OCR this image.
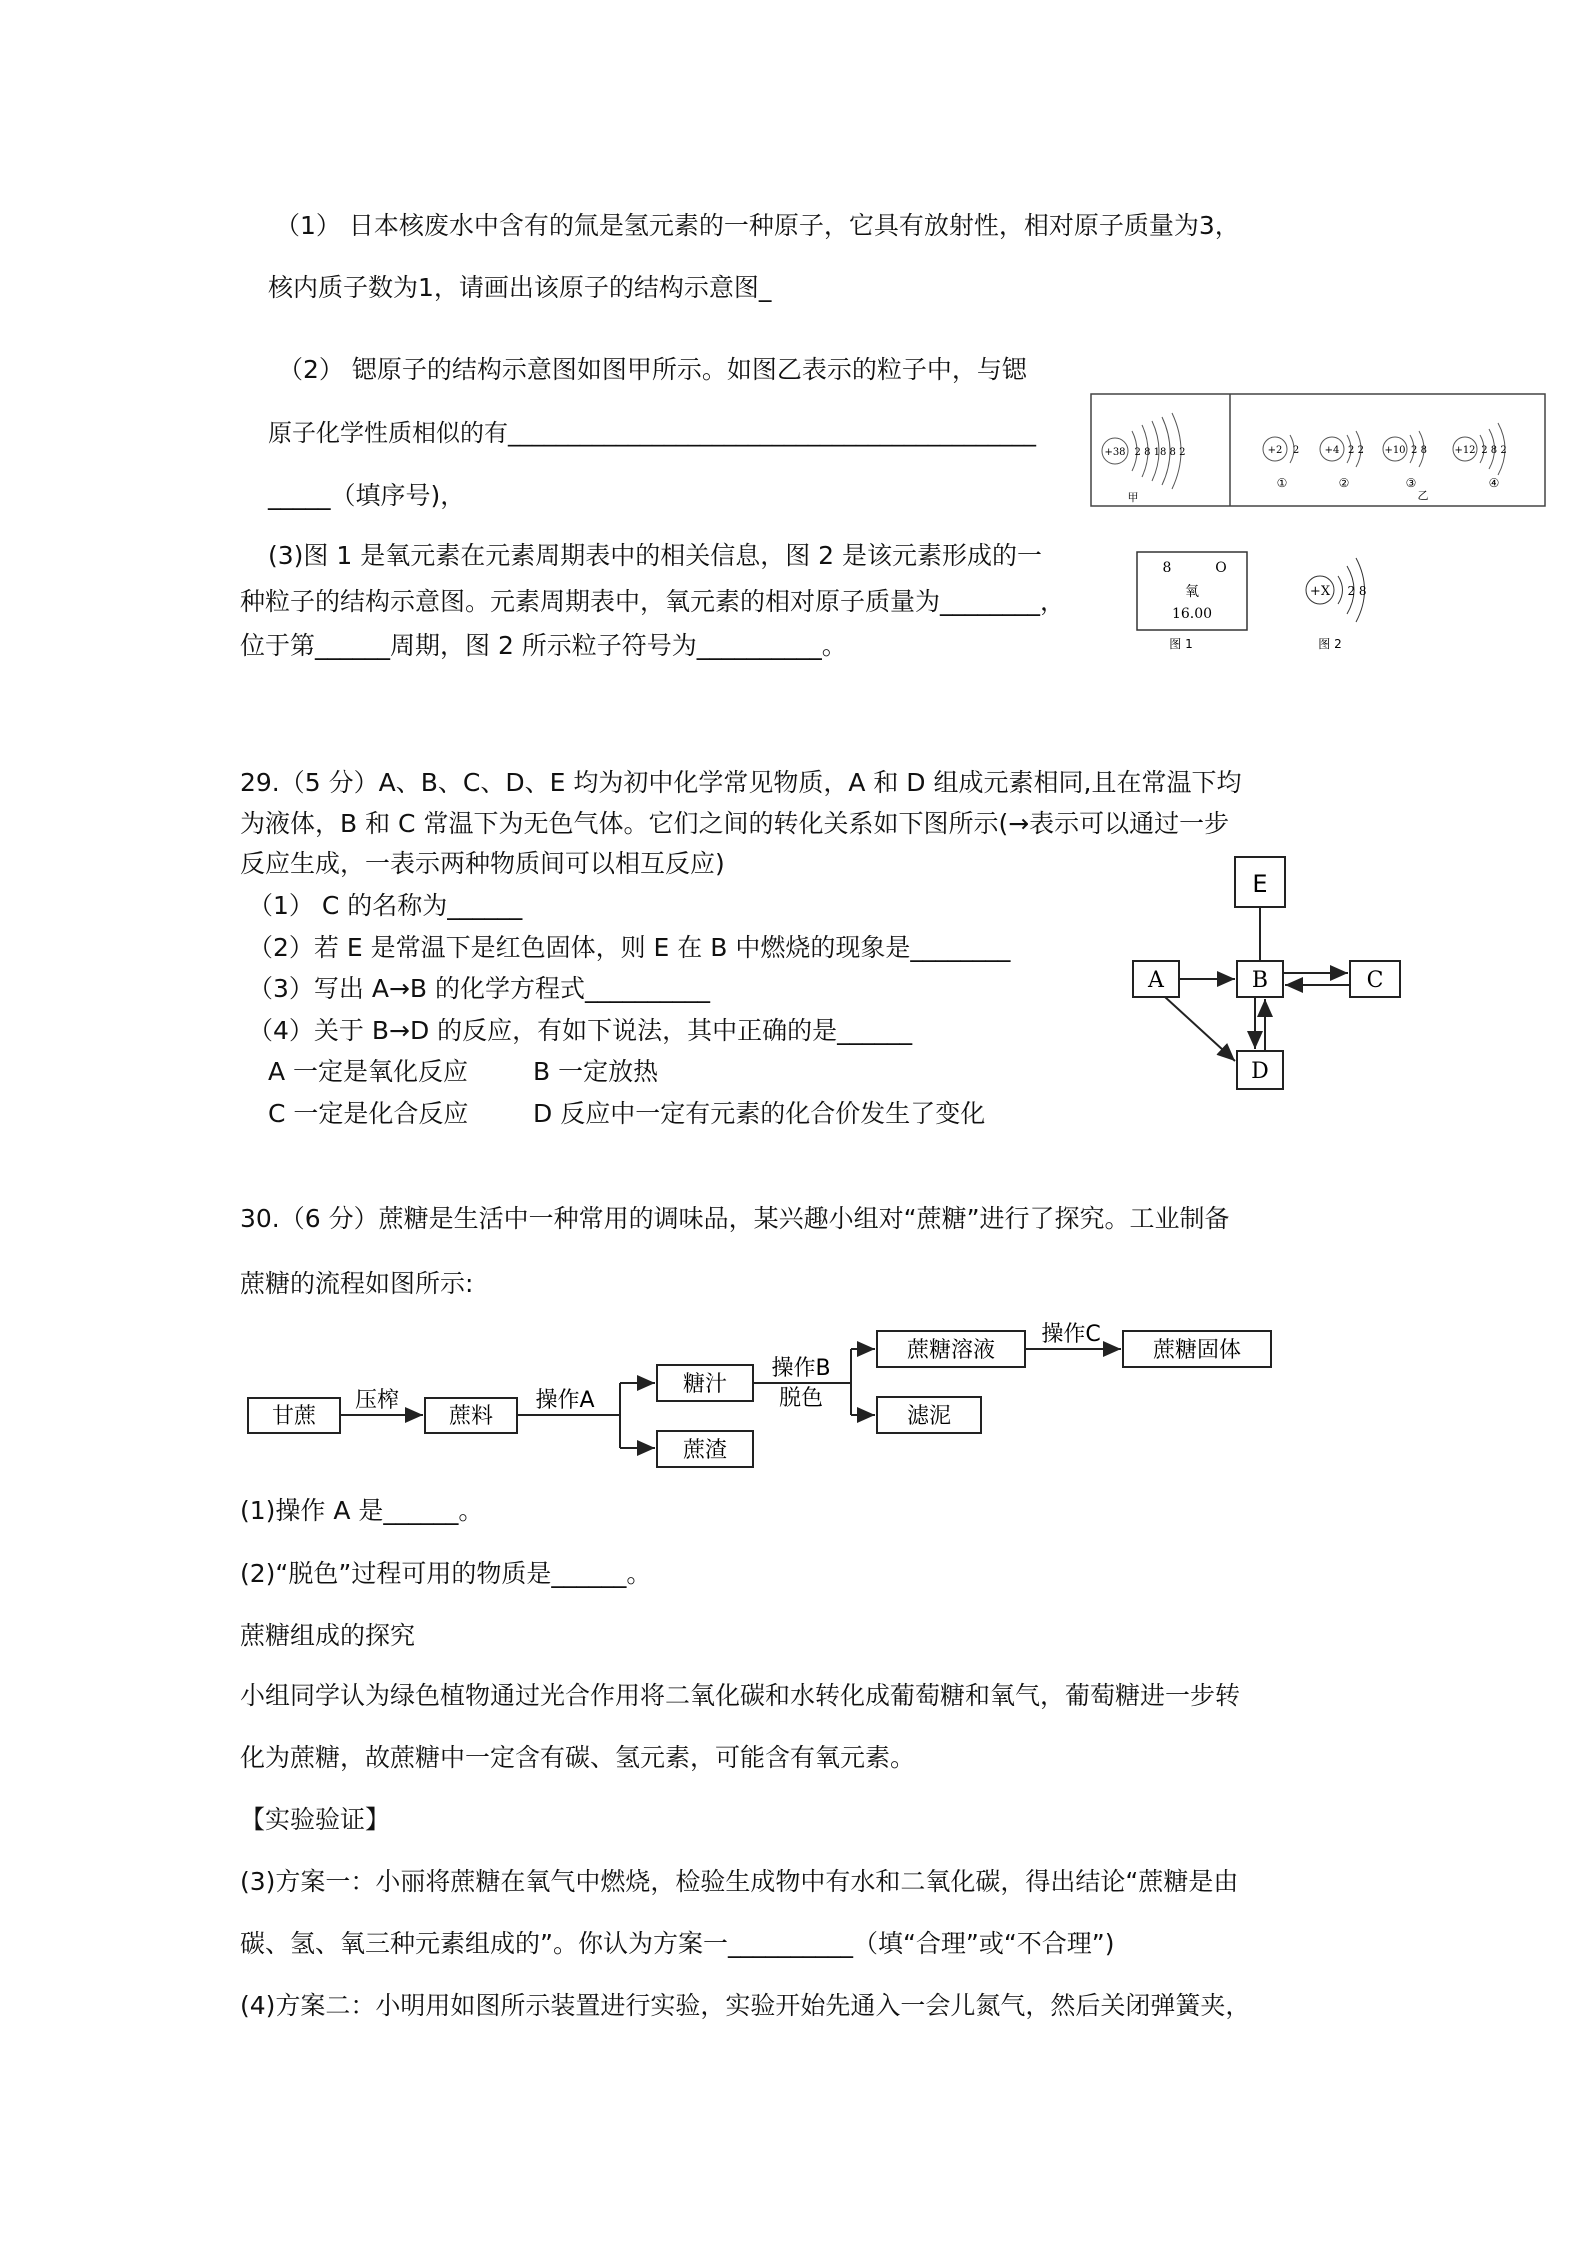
（1） 日本核废水中含有的氚是氢元素的一种原子，它具有放射性，相对原子质量为3，
核内质子数为1，请画出该原子的结构示意图_
（2） 锶原子的结构示意图如图甲所示。如图乙表示的粒子中，与锶
原子化学性质相似的有____________________________________________
_____（填序号)，
(3)图 1 是氧元素在元素周期表中的相关信息，图 2 是该元素形成的一
种粒子的结构示意图。元素周期表中，氧元素的相对原子质量为________，
位于第______周期，图 2 所示粒子符号为__________。
+38 2 8 18 8 2
甲
+2 2
①
+4 2 2
②
+10 2 8
③
+12 2 8 2
④
乙
8	O
氧
16.00
图 1
+X 2 8
图 2
29.（5 分）A、B、C、D、E 均为初中化学常见物质，A 和 D 组成元素相同,且在常温下均
为液体，B 和 C 常温下为无色气体。它们之间的转化关系如下图所示(→表示可以通过一步
反应生成，一表示两种物质间可以相互反应)
（1） C 的名称为______
（2）若 E 是常温下是红色固体，则 E 在 B 中燃烧的现象是________
（3）写出 A→B 的化学方程式__________
（4）关于 B→D 的反应，有如下说法，其中正确的是______
A 一定是氧化反应	B 一定放热
C 一定是化合反应	D 反应中一定有元素的化合价发生了变化
E
A	B	C
D
30.（6 分）蔗糖是生活中一种常用的调味品，某兴趣小组对“蔗糖”进行了探究。工业制备
蔗糖的流程如图所示:
甘蔗
压榨
蔗料
操作A
糖汁
蔗渣
操作B
脱色
蔗糖溶液
滤泥
操作C
蔗糖固体
(1)操作 A 是______。
(2)“脱色”过程可用的物质是______。
蔗糖组成的探究
小组同学认为绿色植物通过光合作用将二氧化碳和水转化成葡萄糖和氧气，葡萄糖进一步转
化为蔗糖，故蔗糖中一定含有碳、氢元素，可能含有氧元素。
【实验验证】
(3)方案一：小丽将蔗糖在氧气中燃烧，检验生成物中有水和二氧化碳，得出结论“蔗糖是由
碳、氢、氧三种元素组成的”。你认为方案一__________（填“合理”或“不合理”)
(4)方案二：小明用如图所示装置进行实验，实验开始先通入一会儿氮气，然后关闭弹簧夹，
